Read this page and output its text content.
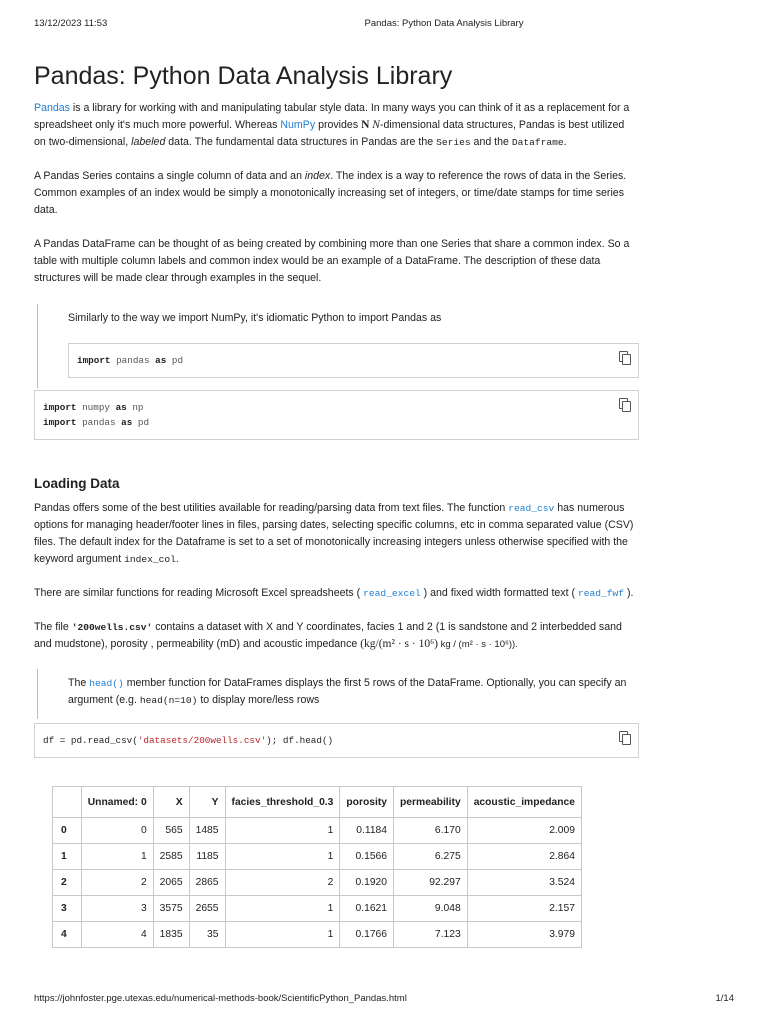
13/12/2023 11:53	Pandas: Python Data Analysis Library
Pandas: Python Data Analysis Library

Pandas is a library for working with and manipulating tabular style data. In many ways you can think of it as a replacement for a spreadsheet only it's much more powerful. Whereas NumPy provides N N-dimensional data structures, Pandas is best utilized on two-dimensional, labeled data. The fundamental data structures in Pandas are the Series and the Dataframe.

A Pandas Series contains a single column of data and an index. The index is a way to reference the rows of data in the Series. Common examples of an index would be simply a monotonically increasing set of integers, or time/date stamps for time series data.

A Pandas DataFrame can be thought of as being created by combining more than one Series that share a common index. So a table with multiple column labels and common index would be an example of a DataFrame. The description of these data structures will be made clear through examples in the sequel.

Similarly to the way we import NumPy, it's idiomatic Python to import Pandas as

import pandas as pd
import numpy as np
import pandas as pd
Loading Data

Pandas offers some of the best utilities available for reading/parsing data from text files. The function read_csv has numerous options for managing header/footer lines in files, parsing dates, selecting specific columns, etc in comma separated value (CSV) files. The default index for the Dataframe is set to a set of monotonically increasing integers unless otherwise specified with the keyword argument index_col.

There are similar functions for reading Microsoft Excel spreadsheets ( read_excel ) and fixed width formatted text ( read_fwf ).

The file '200wells.csv' contains a dataset with X and Y coordinates, facies 1 and 2 (1 is sandstone and 2 interbedded sand and mudstone), porosity , permeability (mD) and acoustic impedance (kg/(m² · s · 10⁶) kg / (m² · s · 10⁶)).

The head() member function for DataFrames displays the first 5 rows of the DataFrame. Optionally, you can specify an argument (e.g. head(n=10) to display more/less rows

df = pd.read_csv('datasets/200wells.csv'); df.head()
	Unnamed: 0	X	Y	facies_threshold_0.3	porosity	permeability	acoustic_impedance
0	0	565	1485	1	0.1184	6.170	2.009
1	1	2585	1185	1	0.1566	6.275	2.864
2	2	2065	2865	2	0.1920	92.297	3.524
3	3	3575	2655	1	0.1621	9.048	2.157
4	4	1835	35	1	0.1766	7.123	3.979
https://johnfoster.pge.utexas.edu/numerical-methods-book/ScientificPython_Pandas.html	1/14
